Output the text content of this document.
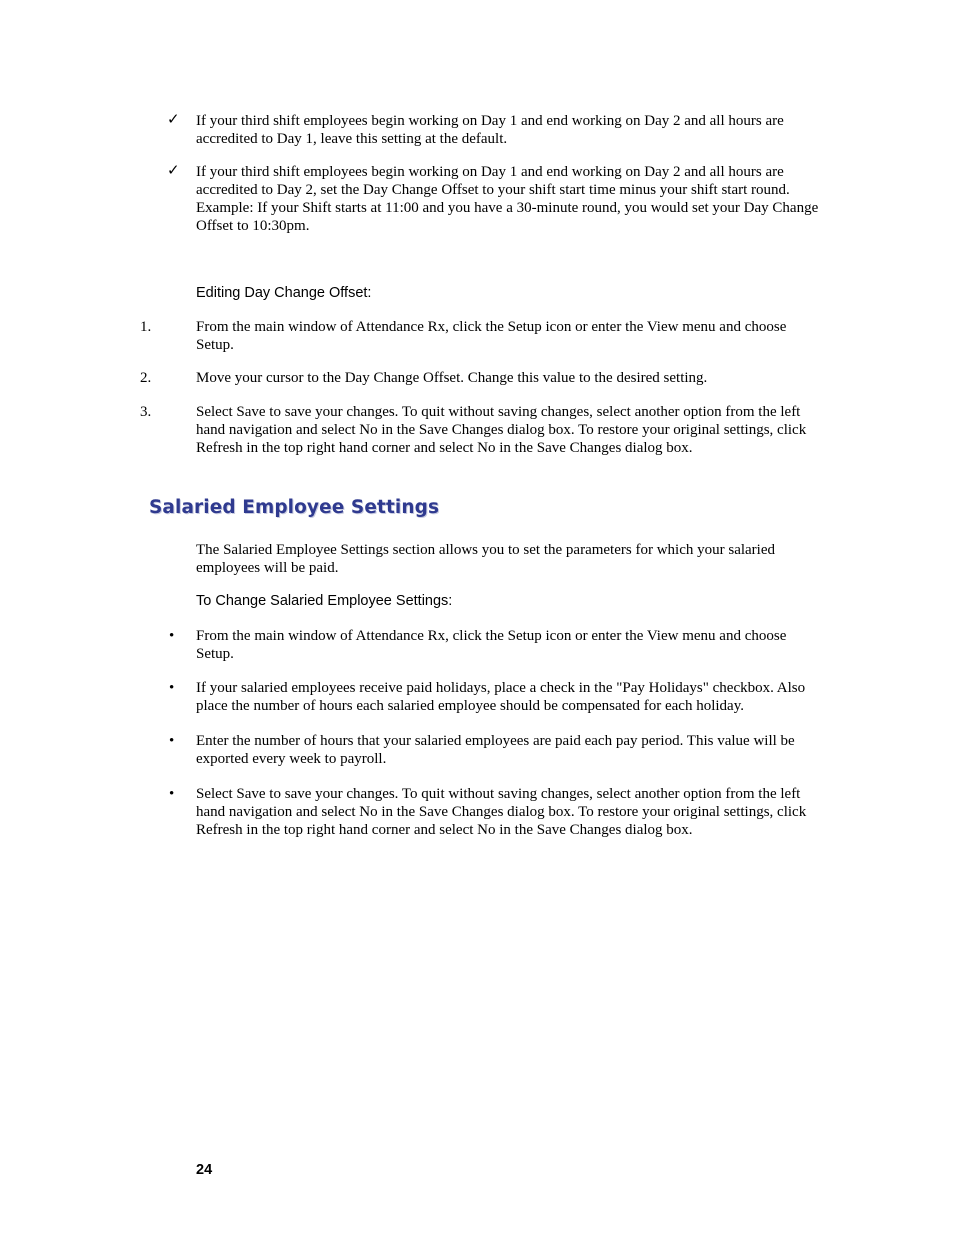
✓ If your third shift employees begin working on Day 1 and end working on Day 2 and all hours are accredited to Day 1, leave this setting at the default.
✓ If your third shift employees begin working on Day 1 and end working on Day 2 and all hours are accredited to Day 2, set the Day Change Offset to your shift start time minus your shift start round. Example: If your Shift starts at 11:00 and you have a 30-minute round, you would set your Day Change Offset to 10:30pm.
Editing Day Change Offset:
1.	From the main window of Attendance Rx, click the Setup icon or enter the View menu and choose Setup.
2.	Move your cursor to the Day Change Offset. Change this value to the desired setting.
3.	Select Save to save your changes. To quit without saving changes, select another option from the left hand navigation and select No in the Save Changes dialog box. To restore your original settings, click Refresh in the top right hand corner and select No in the Save Changes dialog box.
Salaried Employee Settings
The Salaried Employee Settings section allows you to set the parameters for which your salaried employees will be paid.
To Change Salaried Employee Settings:
• From the main window of Attendance Rx, click the Setup icon or enter the View menu and choose Setup.
• If your salaried employees receive paid holidays, place a check in the "Pay Holidays" checkbox. Also place the number of hours each salaried employee should be compensated for each holiday.
• Enter the number of hours that your salaried employees are paid each pay period. This value will be exported every week to payroll.
• Select Save to save your changes. To quit without saving changes, select another option from the left hand navigation and select No in the Save Changes dialog box. To restore your original settings, click Refresh in the top right hand corner and select No in the Save Changes dialog box.
24
